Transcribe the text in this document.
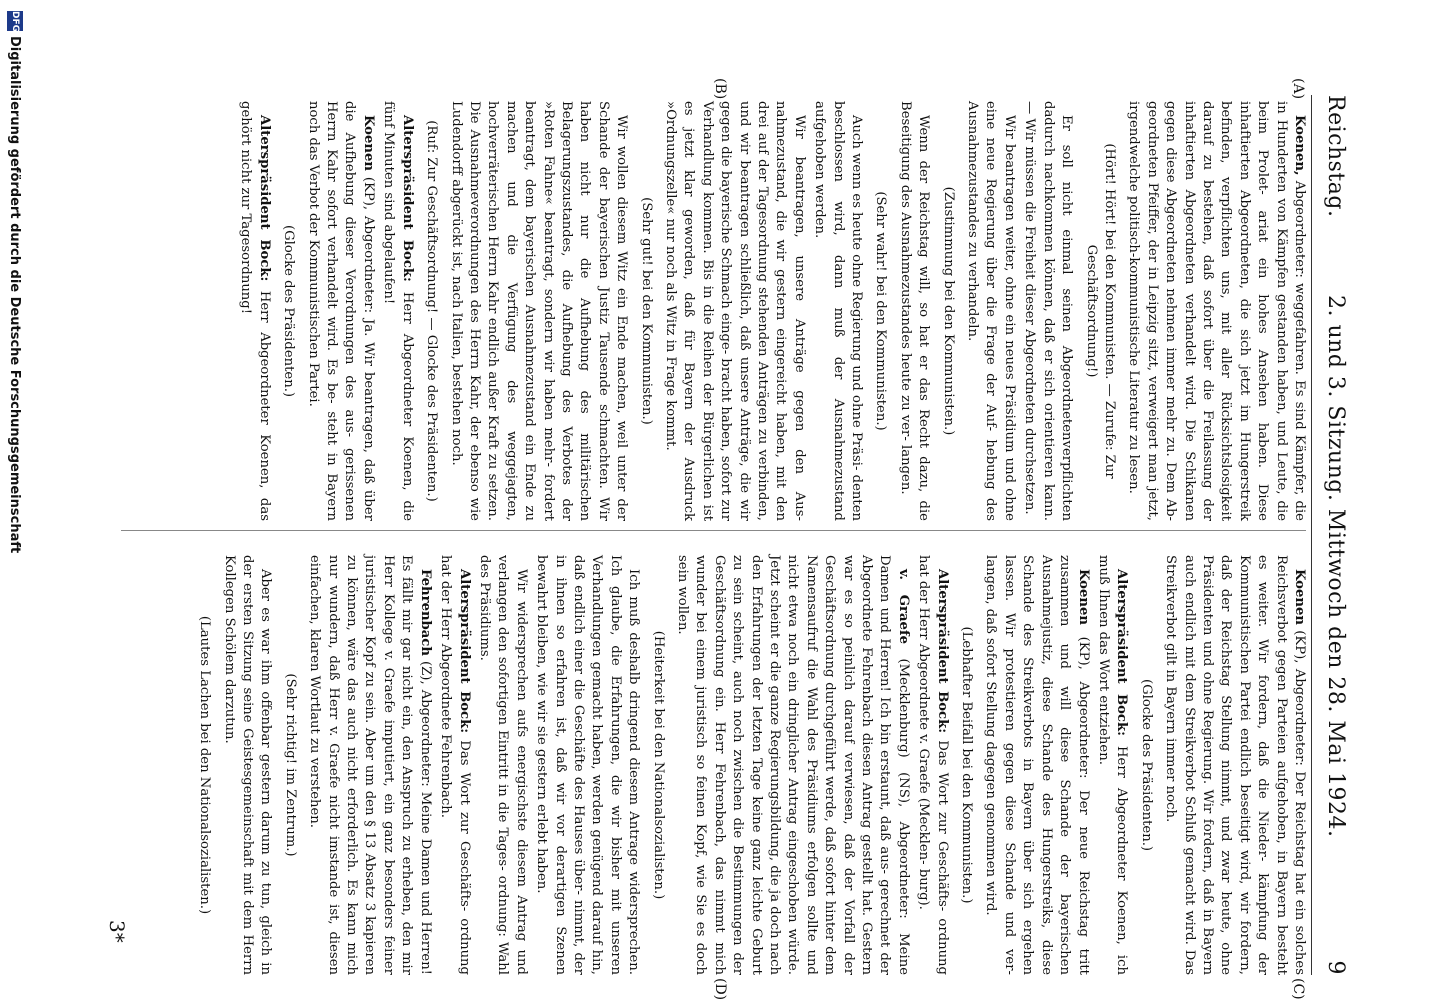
Reichstag.
2. und 3. Sitzung. Mittwoch den 28. Mai 1924.
9
(A)
(B)
(C)
(D)

Koenen, Abgeordneter: weggefahren. Es sind Kämpfer, die in Hunderten von Kämpfen gestanden haben, und Leute, die beim Prolet- ariat ein hohes Ansehen haben. Diese inhaftierten Abgeordneten, die sich jetzt im Hungerstreik befinden, verpflichten uns, mit aller Rücksichtslosigkeit darauf zu bestehen, daß sofort über die Freilassung der inhaftierten Abgeordneten verhandelt wird. Die Schikanen gegen diese Abgeordneten nehmen immer mehr zu. Dem Ab- geordneten Pfeiffer, der in Leipzig sitzt, verweigert man jetzt, irgendwelche politisch-kommunistische Literatur zu lesen.

(Hört! Hört! bei den Kommunisten. — Zurufe: Zur Geschäftsordnung!)

Er soll nicht einmal seinen Abgeordnetenverpflichten dadurch nachkommen können, daß er sich orientieren kann. — Wir müssen die Freiheit dieser Abgeordneten durchsetzen.

Wir beantragen weiter, ohne ein neues Präsidium und ohne eine neue Regierung über die Frage der Auf- hebung des Ausnahmezustandes zu verhandeln.

(Zustimmung bei den Kommunisten.)

Wenn der Reichstag will, so hat er das Recht dazu, die Beseitigung des Ausnahmezustandes heute zu ver- langen.

(Sehr wahr! bei den Kommunisten.)

Auch wenn es heute ohne Regierung und ohne Präsi- denten beschlossen wird, dann muß der Ausnahmezustand aufgehoben werden.

Wir beantragen, unsere Anträge gegen den Aus- nahmezustand, die wir gestern eingereicht haben, mit den drei auf der Tagesordnung stehenden Anträgen zu verbinden, und wir beantragen schließlich, daß unsere Anträge, die wir gegen die bayerische Schmach einge- bracht haben, sofort zur Verhandlung kommen. Bis in die Reihen der Bürgerlichen ist es jetzt klar geworden, daß für Bayern der Ausdruck »Ordnungszelle« nur noch als Witz in Frage kommt.

(Sehr gut! bei den Kommunisten.)

Wir wollen diesem Witz ein Ende machen, weil unter der Schande der bayerischen Justiz Tausende schmachten. Wir haben nicht nur die Aufhebung des militärischen Belagerungszustandes, die Aufhebung des Verbotes der »Roten Fahne« beantragt, sondern wir haben mehr- fordert beantragt, dem bayerischen Ausnahmezustand ein Ende zu machen und die Verfügung des weggejagten, hochverräterischen Herrn Kahr endlich außer Kraft zu setzen. Die Ausnahmeverordnungen des Herrn Kahr, der ebenso wie Ludendorff abgerückt ist, nach Italien, bestehen noch.

(Ruf: Zur Geschäftsordnung! — Glocke des Präsidenten.)

Alterspräsident Bock: Herr Abgeordneter Koenen, die fünf Minuten sind abgelaufen!

Koenen (KP), Abgeordneter: Ja. Wir beantragen, daß über die Aufhebung dieser Verordnungen des aus- gerissenen Herrn Kahr sofort verhandelt wird. Es be- steht in Bayern noch das Verbot der Kommunistischen Partei.

(Glocke des Präsidenten.)

Alterspräsident Bock: Herr Abgeordneter Koenen, das gehört nicht zur Tagesordnung!

Koenen (KP), Abgeordneter: Der Reichstag hat ein solches Reichsverbot gegen Parteien aufgehoben, in Bayern besteht es weiter. Wir fordern, daß die Nieder- kämpfung der Kommunistischen Partei endlich beseitigt wird, wir fordern, daß der Reichstag Stellung nimmt, und zwar heute, ohne Präsidenten und ohne Regierung. Wir fordern, daß in Bayern auch endlich mit dem Streikverbot Schluß gemacht wird. Das Streikverbot gilt in Bayern immer noch.

(Glocke des Präsidenten.)

Alterspräsident Bock: Herr Abgeordneter Koenen, ich muß Ihnen das Wort entziehen.

Koenen (KP), Abgeordneter: Der neue Reichstag tritt zusammen und will diese Schande der bayerischen Ausnahmejustiz, diese Schande des Hungerstreiks, diese Schande des Streikverbots in Bayern über sich ergehen lassen. Wir protestieren gegen diese Schande und ver- langen, daß sofort Stellung dagegen genommen wird.

(Lebhafter Beifall bei den Kommunisten.)

Alterspräsident Bock: Das Wort zur Geschäfts- ordnung hat der Herr Abgeordnete v. Graefe (Mecklen- burg).

v. Graefe (Mecklenburg) (NS), Abgeordneter: Meine Damen und Herren! Ich bin erstaunt, daß aus- gerechnet der Abgeordnete Fehrenbach diesen Antrag gestellt hat. Gestern war es so peinlich darauf verwiesen, daß der Vorfall der Geschäftsordnung durchgeführt werde, daß sofort hinter dem Namensaufruf die Wahl des Präsidiums erfolgen sollte und nicht etwa noch ein dringlicher Antrag eingeschoben würde. Jetzt scheint er die ganze Regierungsbildung, die ja doch nach den Erfahrungen der letzten Tage keine ganz leichte Geburt zu sein scheint, auch noch zwischen die Bestimmungen der Geschäftsordnung ein. Herr Fehrenbach, das nimmt mich wunder bei einem juristisch so feinen Kopf, wie Sie es doch sein wollen.

(Heiterkeit bei den Nationalsozialisten.)

Ich muß deshalb dringend diesem Antrage widersprechen. Ich glaube, die Erfahrungen, die wir bisher mit unseren Verhandlungen gemacht haben, werden genügend darauf hin, daß endlich einer die Geschäfte des Hauses über- nimmt, der in ihnen so erfahren ist, daß wir vor derartigen Szenen bewahrt bleiben, wie wir sie gestern erlebt haben.

Wir widersprechen aufs energischste diesem Antrag und verlangen den sofortigen Eintritt in die Tages- ordnung: Wahl des Präsidiums.

Alterspräsident Bock: Das Wort zur Geschäfts- ordnung hat der Herr Abgeordnete Fehrenbach.

Fehrenbach (Z), Abgeordneter: Meine Damen und Herren! Es fällt mir gar nicht ein, den Anspruch zu erheben, den mir Herr Kollege v. Graefe imputiert, ein ganz besonders feiner juristischer Kopf zu sein. Aber um den § 13 Absatz 3 kapieren zu können, wäre das auch nicht erforderlich. Es kann mich nur wundern, daß Herr v. Graefe nicht imstande ist, diesen einfachen, klaren Wortlaut zu verstehen.

(Sehr richtig! im Zentrum.)

Aber es war ihm offenbar gestern darum zu tun, gleich in der ersten Sitzung seine Geistesgemeinschaft mit dem Herrn Kollegen Schölem darzutun.

(Lautes Lachen bei den Nationalsozialisten.)

3*
DFG
Digitalisierung gefördert durch die Deutsche Forschungsgemeinschaft
